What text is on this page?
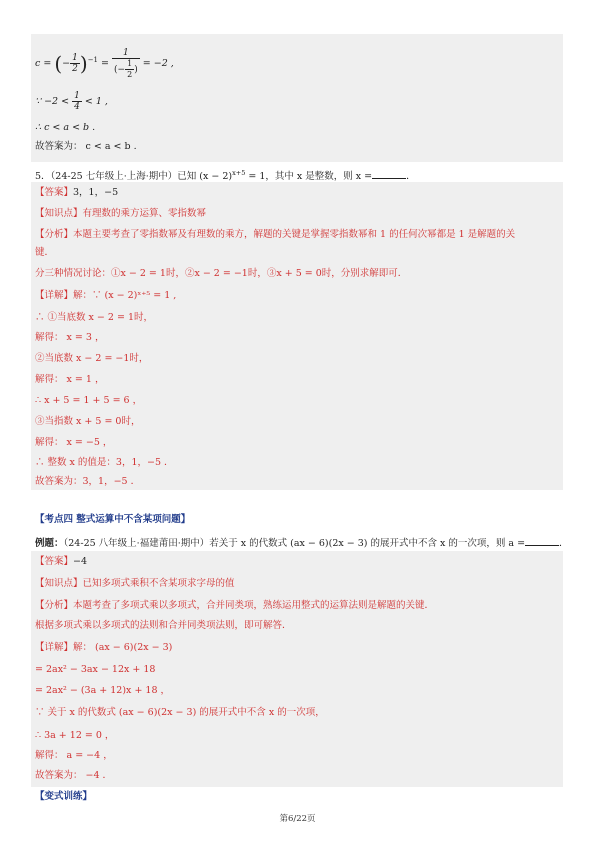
c = (− $\frac{1}{2} )^{-1} = \frac{1}{(- \frac{1}{2} )} = -2$ ,
∵ $-2 < \frac{1}{4} < 1$ ,
∴ c < a < b .
故答案为： c < a < b .
5．（24-25 七年级上·上海·期中）已知 $(x - 2)^{x+5} = 1$，其中 x 是整数，则 x =	．
【答案】3，1，−5
【知识点】有理数的乘方运算、零指数幂
【分析】本题主要考查了零指数幂及有理数的乘方，解题的关键是掌握零指数幂和 1 的任何次幂都是 1 是解题的关
键．
分三种情况讨论：①x − 2 = 1时，②x − 2 = −1时，③x + 5 = 0时，分别求解即可．
【详解】解：∵ (x − 2)ˣ⁺⁵ = 1 ,
∴ ①当底数 x − 2 = 1时，
解得： x = 3 ，
②当底数 x − 2 = −1时，
解得： x = 1 ，
∴ x + 5 = 1 + 5 = 6 ，
③当指数 x + 5 = 0时，
解得： x = −5 ，
∴ 整数 x 的值是：3，1，−5 ．
故答案为：3，1，−5 ．
【考点四 整式运算中不含某项问题】
例题：（24-25 八年级上·福建莆田·期中）若关于 x 的代数式 (ax − 6)(2x − 3) 的展开式中不含 x 的一次项，则 a =	．
【答案】−4
【知识点】已知多项式乘积不含某项求字母的值
【分析】本题考查了多项式乘以多项式，合并同类项，熟练运用整式的运算法则是解题的关键．
根据多项式乘以多项式的法则和合并同类项法则，即可解答．
【详解】解： (ax − 6)(2x − 3)
= 2ax² − 3ax − 12x + 18
= 2ax² − (3a + 12)x + 18 ，
∵ 关于 x 的代数式 (ax − 6)(2x − 3) 的展开式中不含 x 的一次项，
∴ 3a + 12 = 0 ，
解得： a = −4 ，
故答案为： −4 ．
【变式训练】
第6/22页
